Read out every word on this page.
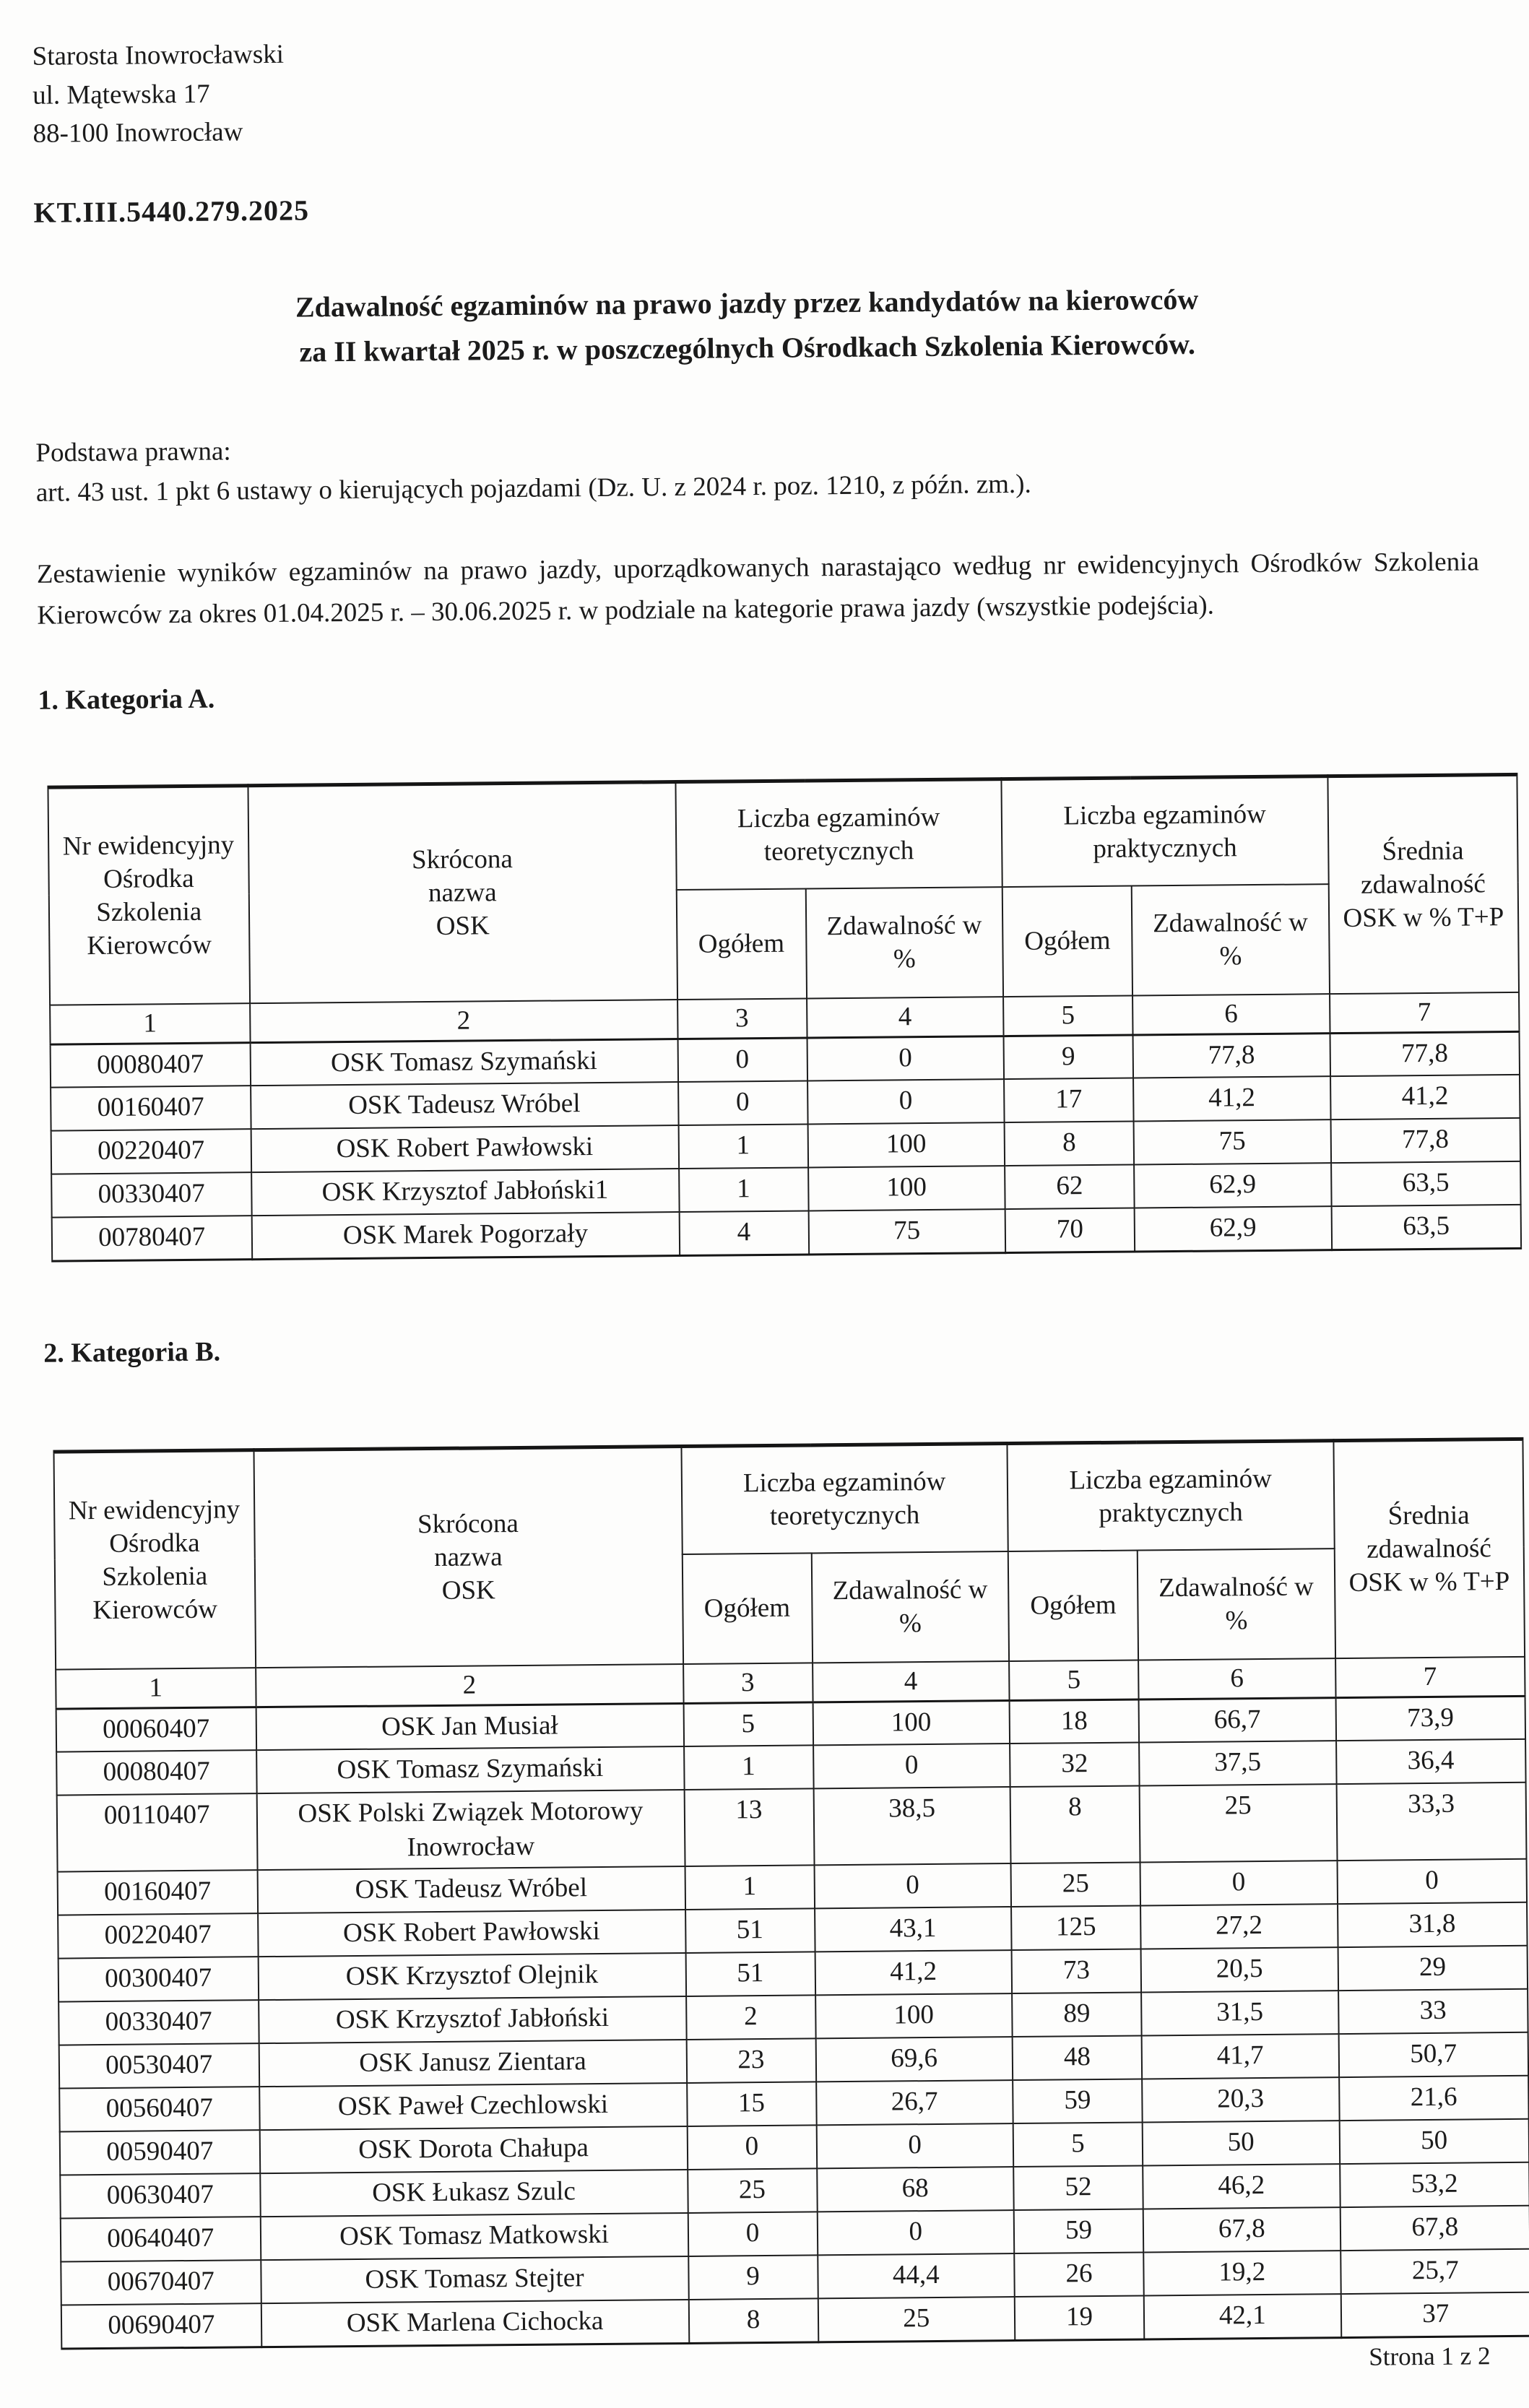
Starosta Inowrocławski
ul. Mątewska 17
88-100 Inowrocław
KT.III.5440.279.2025
Zdawalność egzaminów na prawo jazdy przez kandydatów na kierowców
za II kwartał 2025 r. w poszczególnych Ośrodkach Szkolenia Kierowców.
Podstawa prawna:
art. 43 ust. 1 pkt 6 ustawy o kierujących pojazdami (Dz. U. z 2024 r. poz. 1210, z późn. zm.).
Zestawienie wyników egzaminów na prawo jazdy, uporządkowanych narastająco według nr ewidencyjnych Ośrodków Szkolenia Kierowców za okres 01.04.2025 r. – 30.06.2025 r. w podziale na kategorie prawa jazdy (wszystkie podejścia).
1. Kategoria A.
Nr ewidencyjny Ośrodka Szkolenia Kierowców	Skrócona nazwa OSK	Liczba egzaminów teoretycznych		Liczba egzaminów praktycznych		Średnia zdawalność OSK w % T+P
		Ogółem	Zdawalność w %	Ogółem	Zdawalność w %	
1	2	3	4	5	6	7
00080407	OSK Tomasz Szymański	0	0	9	77,8	77,8
00160407	OSK Tadeusz Wróbel	0	0	17	41,2	41,2
00220407	OSK Robert Pawłowski	1	100	8	75	77,8
00330407	OSK Krzysztof Jabłoński1	1	100	62	62,9	63,5
00780407	OSK Marek Pogorzały	4	75	70	62,9	63,5
2. Kategoria B.
Nr ewidencyjny Ośrodka Szkolenia Kierowców	Skrócona nazwa OSK	Liczba egzaminów teoretycznych		Liczba egzaminów praktycznych		Średnia zdawalność OSK w % T+P
		Ogółem	Zdawalność w %	Ogółem	Zdawalność w %	
1	2	3	4	5	6	7
00060407	OSK Jan Musiał	5	100	18	66,7	73,9
00080407	OSK Tomasz Szymański	1	0	32	37,5	36,4
00110407	OSK Polski Związek Motorowy Inowrocław	13	38,5	8	25	33,3
00160407	OSK Tadeusz Wróbel	1	0	25	0	0
00220407	OSK Robert Pawłowski	51	43,1	125	27,2	31,8
00300407	OSK Krzysztof Olejnik	51	41,2	73	20,5	29
00330407	OSK Krzysztof Jabłoński	2	100	89	31,5	33
00530407	OSK Janusz Zientara	23	69,6	48	41,7	50,7
00560407	OSK Paweł Czechlowski	15	26,7	59	20,3	21,6
00590407	OSK Dorota Chałupa	0	0	5	50	50
00630407	OSK Łukasz Szulc	25	68	52	46,2	53,2
00640407	OSK Tomasz Matkowski	0	0	59	67,8	67,8
00670407	OSK Tomasz Stejter	9	44,4	26	19,2	25,7
00690407	OSK Marlena Cichocka	8	25	19	42,1	37
Strona 1 z 2
